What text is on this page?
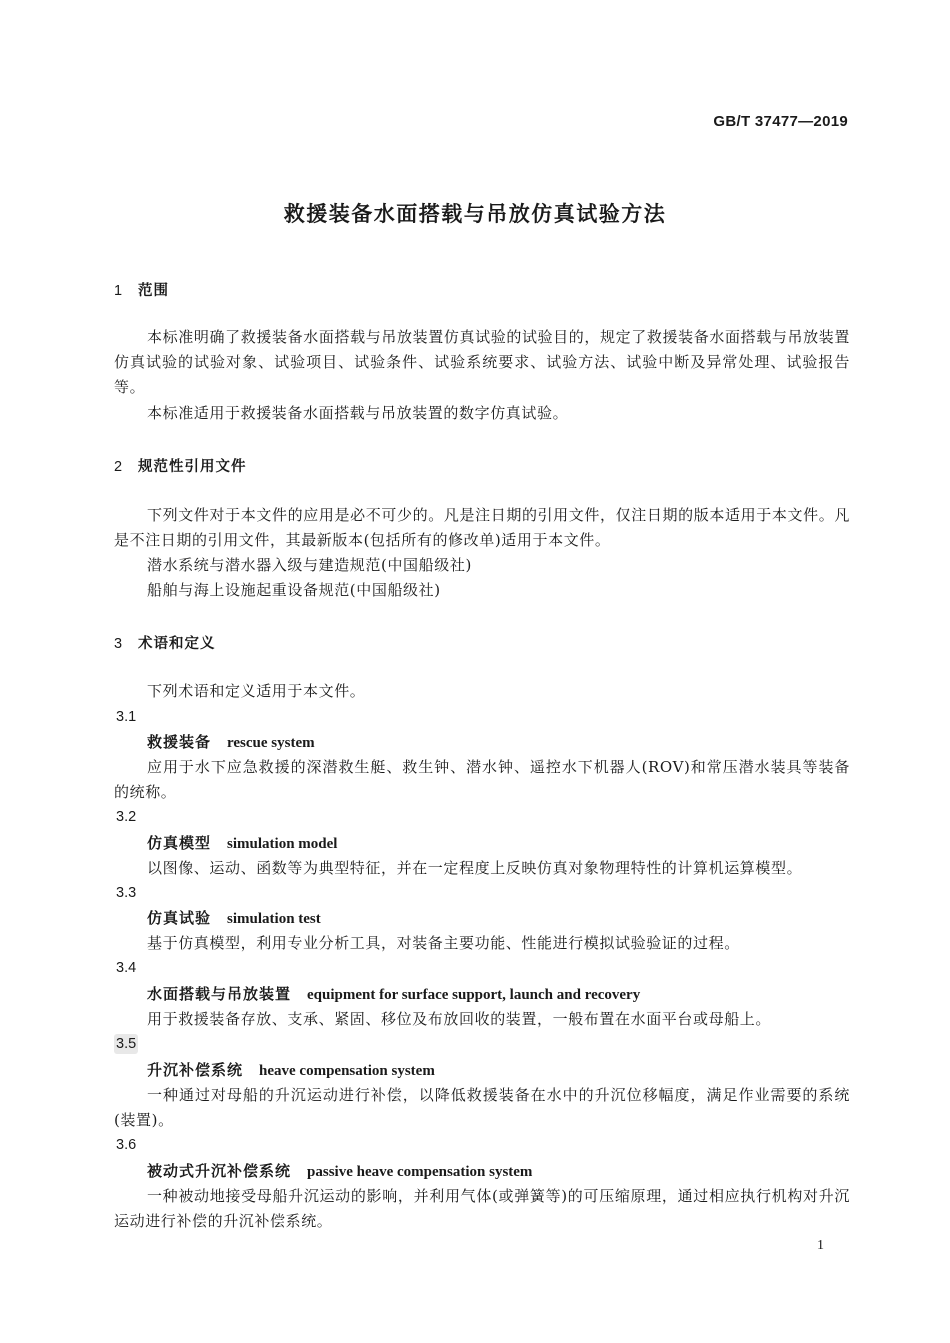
GB/T 37477—2019
救援装备水面搭载与吊放仿真试验方法
1 范围
本标准明确了救援装备水面搭载与吊放装置仿真试验的试验目的，规定了救援装备水面搭载与吊放装置仿真试验的试验对象、试验项目、试验条件、试验系统要求、试验方法、试验中断及异常处理、试验报告等。
本标准适用于救援装备水面搭载与吊放装置的数字仿真试验。
2 规范性引用文件
下列文件对于本文件的应用是必不可少的。凡是注日期的引用文件，仅注日期的版本适用于本文件。凡是不注日期的引用文件，其最新版本(包括所有的修改单)适用于本文件。
潜水系统与潜水器入级与建造规范(中国船级社)
船舶与海上设施起重设备规范(中国船级社)
3 术语和定义
下列术语和定义适用于本文件。
3.1
救援装备 rescue system
应用于水下应急救援的深潜救生艇、救生钟、潜水钟、遥控水下机器人(ROV)和常压潜水装具等装备的统称。
3.2
仿真模型 simulation model
以图像、运动、函数等为典型特征，并在一定程度上反映仿真对象物理特性的计算机运算模型。
3.3
仿真试验 simulation test
基于仿真模型，利用专业分析工具，对装备主要功能、性能进行模拟试验验证的过程。
3.4
水面搭载与吊放装置 equipment for surface support, launch and recovery
用于救援装备存放、支承、紧固、移位及布放回收的装置，一般布置在水面平台或母船上。
3.5
升沉补偿系统 heave compensation system
一种通过对母船的升沉运动进行补偿，以降低救援装备在水中的升沉位移幅度，满足作业需要的系统(装置)。
3.6
被动式升沉补偿系统 passive heave compensation system
一种被动地接受母船升沉运动的影响，并利用气体(或弹簧等)的可压缩原理，通过相应执行机构对升沉运动进行补偿的升沉补偿系统。
1
